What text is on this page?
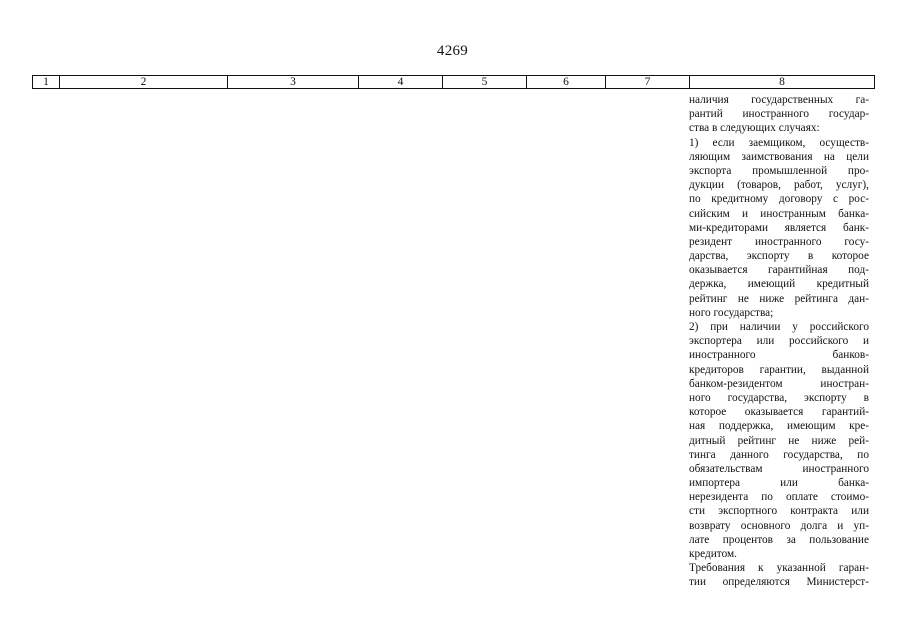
4269
1	2	3	4	5	6	7	8
наличия государственных га-
рантий иностранного государ-
ства в следующих случаях:
1) если заемщиком, осуществ-
ляющим заимствования на цели
экспорта промышленной про-
дукции (товаров, работ, услуг),
по кредитному договору с рос-
сийским и иностранным банка-
ми-кредиторами является банк-
резидент иностранного госу-
дарства, экспорту в которое
оказывается гарантийная под-
держка, имеющий кредитный
рейтинг не ниже рейтинга дан-
ного государства;
2) при наличии у российского
экспортера или российского и
иностранного банков-
кредиторов гарантии, выданной
банком-резидентом иностран-
ного государства, экспорту в
которое оказывается гарантий-
ная поддержка, имеющим кре-
дитный рейтинг не ниже рей-
тинга данного государства, по
обязательствам иностранного
импортера или банка-
нерезидента по оплате стоимо-
сти экспортного контракта или
возврату основного долга и уп-
лате процентов за пользование
кредитом.
Требования к указанной гаран-
тии определяются Министерст-
